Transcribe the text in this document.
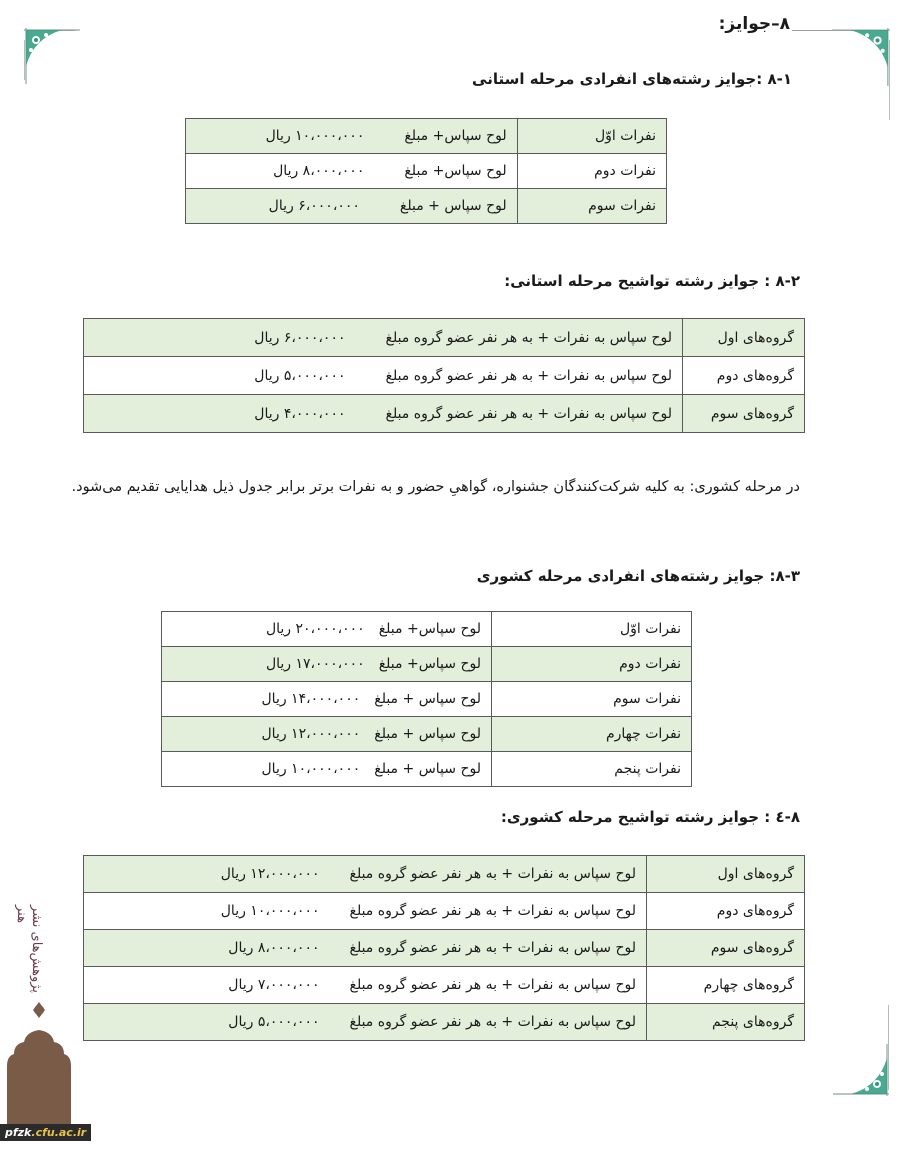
۸–جوایز:
۸-۱ :جوایز رشته‌های انفرادی مرحله استانی
نفرات اوّل	لوح سپاس+ مبلغ۱۰،۰۰۰،۰۰۰ ریال
نفرات دوم	لوح سپاس+ مبلغ۸،۰۰۰،۰۰۰ ریال
نفرات سوم	لوح سپاس + مبلغ۶،۰۰۰،۰۰۰ ریال
۸-۲ : جوایز رشته تواشیح مرحله استانی:
گروه‌های اول	لوح سپاس به نفرات + به هر نفر عضو گروه مبلغ۶،۰۰۰،۰۰۰ ریال
گروه‌های دوم	لوح سپاس به نفرات + به هر نفر عضو گروه مبلغ۵،۰۰۰،۰۰۰ ریال
گروه‌های سوم	لوح سپاس به نفرات + به هر نفر عضو گروه مبلغ۴،۰۰۰،۰۰۰ ریال
در مرحله کشوری: به کلیه شرکت‌کنندگان جشنواره، گواهیِ حضور و به نفرات برتر برابر جدول ذیل هدایایی تقدیم می‌شود.
۸-۳: جوایز رشته‌های انفرادی مرحله کشوری
نفرات اوّل	لوح سپاس+ مبلغ۲۰،۰۰۰،۰۰۰ ریال
نفرات دوم	لوح سپاس+ مبلغ۱۷،۰۰۰،۰۰۰ ریال
نفرات سوم	لوح سپاس + مبلغ۱۴،۰۰۰،۰۰۰ ریال
نفرات چهارم	لوح سپاس + مبلغ۱۲،۰۰۰،۰۰۰ ریال
نفرات پنجم	لوح سپاس + مبلغ۱۰،۰۰۰،۰۰۰ ریال
۸-٤ : جوایز رشته تواشیح مرحله کشوری:
گروه‌های اول	لوح سپاس به نفرات + به هر نفر عضو گروه مبلغ۱۲،۰۰۰،۰۰۰ ریال
گروه‌های دوم	لوح سپاس به نفرات + به هر نفر عضو گروه مبلغ۱۰،۰۰۰،۰۰۰ ریال
گروه‌های سوم	لوح سپاس به نفرات + به هر نفر عضو گروه مبلغ۸،۰۰۰،۰۰۰ ریال
گروه‌های چهارم	لوح سپاس به نفرات + به هر نفر عضو گروه مبلغ۷،۰۰۰،۰۰۰ ریال
گروه‌های پنجم	لوح سپاس به نفرات + به هر نفر عضو گروه مبلغ۵،۰۰۰،۰۰۰ ریال
پژوهش‌های نشر هنر
pfzk.cfu.ac.ir
